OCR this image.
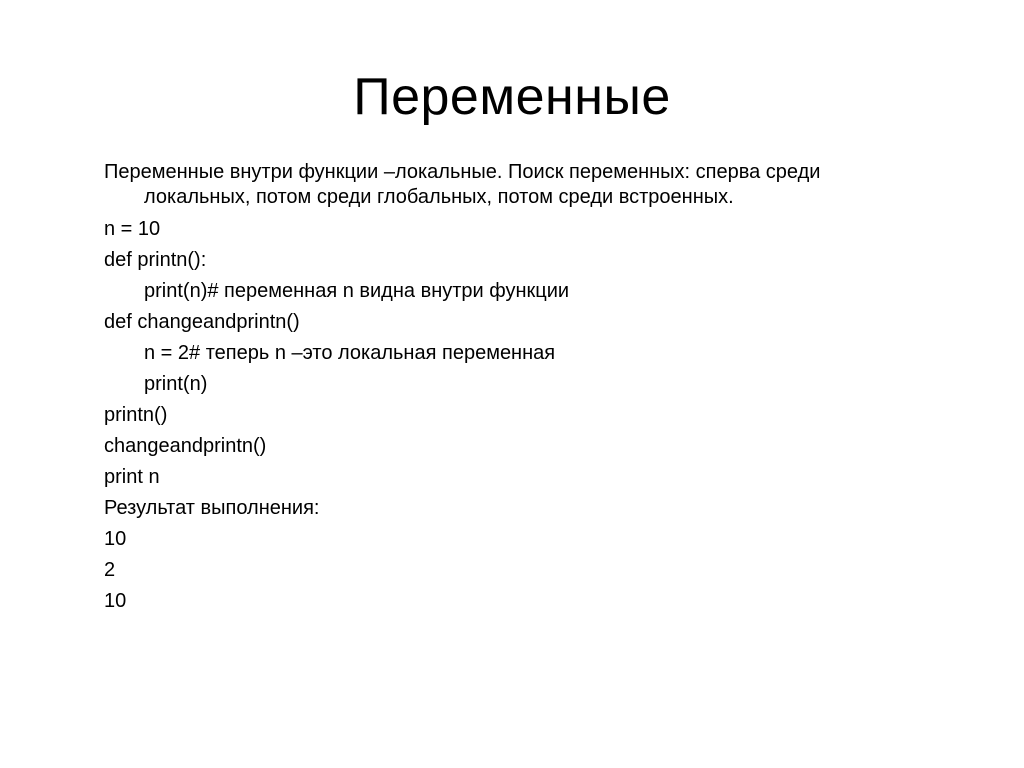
Переменные
Переменные внутри функции –локальные. Поиск переменных: сперва среди локальных, потом среди глобальных, потом среди встроенных.
n = 10
def printn():
print(n)# переменная n видна внутри функции
def changeandprintn()
n = 2# теперь n –это локальная переменная
print(n)
printn()
changeandprintn()
print n
Результат выполнения:
10
2
10
